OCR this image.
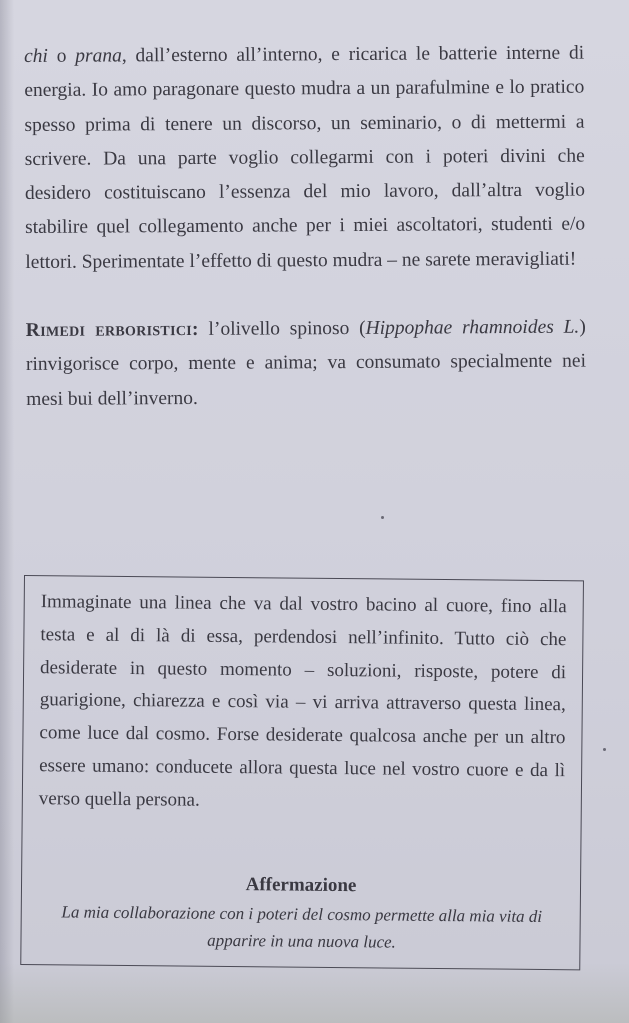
chi o prana, dall’esterno all’interno, e ricarica le batterie interne di energia. Io amo paragonare questo mudra a un parafulmine e lo pratico spesso prima di tenere un discorso, un seminario, o di mettermi a scrivere. Da una parte voglio collegarmi con i poteri divini che desidero costituiscano l’essenza del mio lavoro, dall’altra voglio stabilire quel collegamento anche per i miei ascoltatori, studenti e/o lettori. Sperimentate l’effetto di questo mudra – ne sarete meravigliati!

Rimedi erboristici: l’olivello spinoso (Hippophae rhamnoides L.) rinvigorisce corpo, mente e anima; va consumato specialmente nei mesi bui dell’inverno.

Immaginate una linea che va dal vostro bacino al cuore, fino alla testa e al di là di essa, perdendosi nell’infinito. Tutto ciò che desiderate in questo momento – soluzioni, risposte, potere di guarigione, chiarezza e così via – vi arriva attraverso questa linea, come luce dal cosmo. Forse desiderate qualcosa anche per un altro essere umano: conducete allora questa luce nel vostro cuore e da lì verso quella persona.

Affermazione

La mia collaborazione con i poteri del cosmo permette alla mia vita di apparire in una nuova luce.
